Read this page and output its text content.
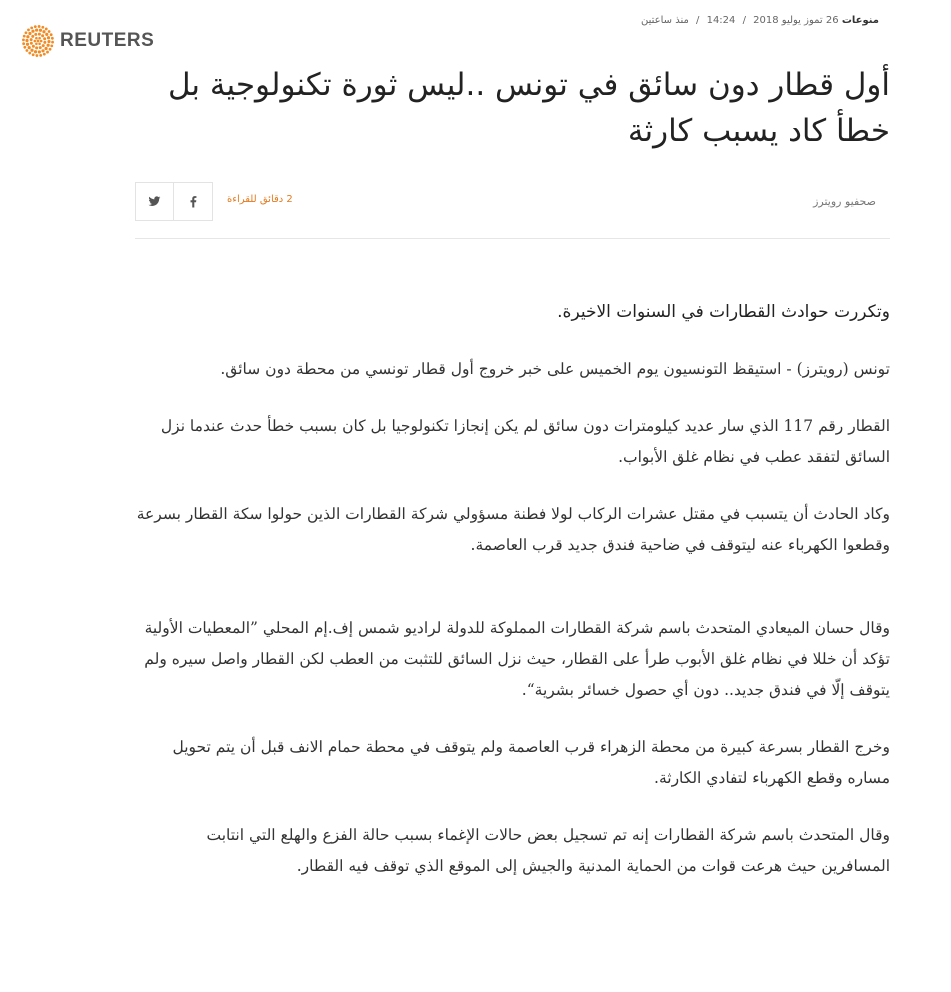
REUTERS
منوعات 26 تموز يوليو 2018 / 14:24 / منذ ساعتين
أول قطار دون سائق في تونس ..ليس ثورة تكنولوجية بل خطأ كاد يسبب كارثة
2 دقائق للقراءة	صحفيو رويترز

وتكررت حوادث القطارات في السنوات الاخيرة.

تونس (رويترز) - استيقظ التونسيون يوم الخميس على خبر خروج أول قطار تونسي من محطة دون سائق.

القطار رقم 117 الذي سار عديد كيلومترات دون سائق لم يكن إنجازا تكنولوجيا بل كان بسبب خطأ حدث عندما نزل السائق لتفقد عطب في نظام غلق الأبواب.

وكاد الحادث أن يتسبب في مقتل عشرات الركاب لولا فطنة مسؤولي شركة القطارات الذين حولوا سكة القطار بسرعة وقطعوا الكهرباء عنه ليتوقف في ضاحية فندق جديد قرب العاصمة.

وقال حسان الميعادي المتحدث باسم شركة القطارات المملوكة للدولة لراديو شمس إف.إم المحلي ”المعطيات الأولية تؤكد أن خللا في نظام غلق الأبوب طرأ على القطار، حيث نزل السائق للتثبت من العطب لكن القطار واصل سيره ولم يتوقف إلّا في فندق جديد.. دون أي حصول خسائر بشرية“.

وخرج القطار بسرعة كبيرة من محطة الزهراء قرب العاصمة ولم يتوقف في محطة حمام الانف قبل أن يتم تحويل مساره وقطع الكهرباء لتفادي الكارثة.

وقال المتحدث باسم شركة القطارات إنه تم تسجيل بعض حالات الإغماء بسبب حالة الفزع والهلع التي انتابت المسافرين حيث هرعت قوات من الحماية المدنية والجيش إلى الموقع الذي توقف فيه القطار.
